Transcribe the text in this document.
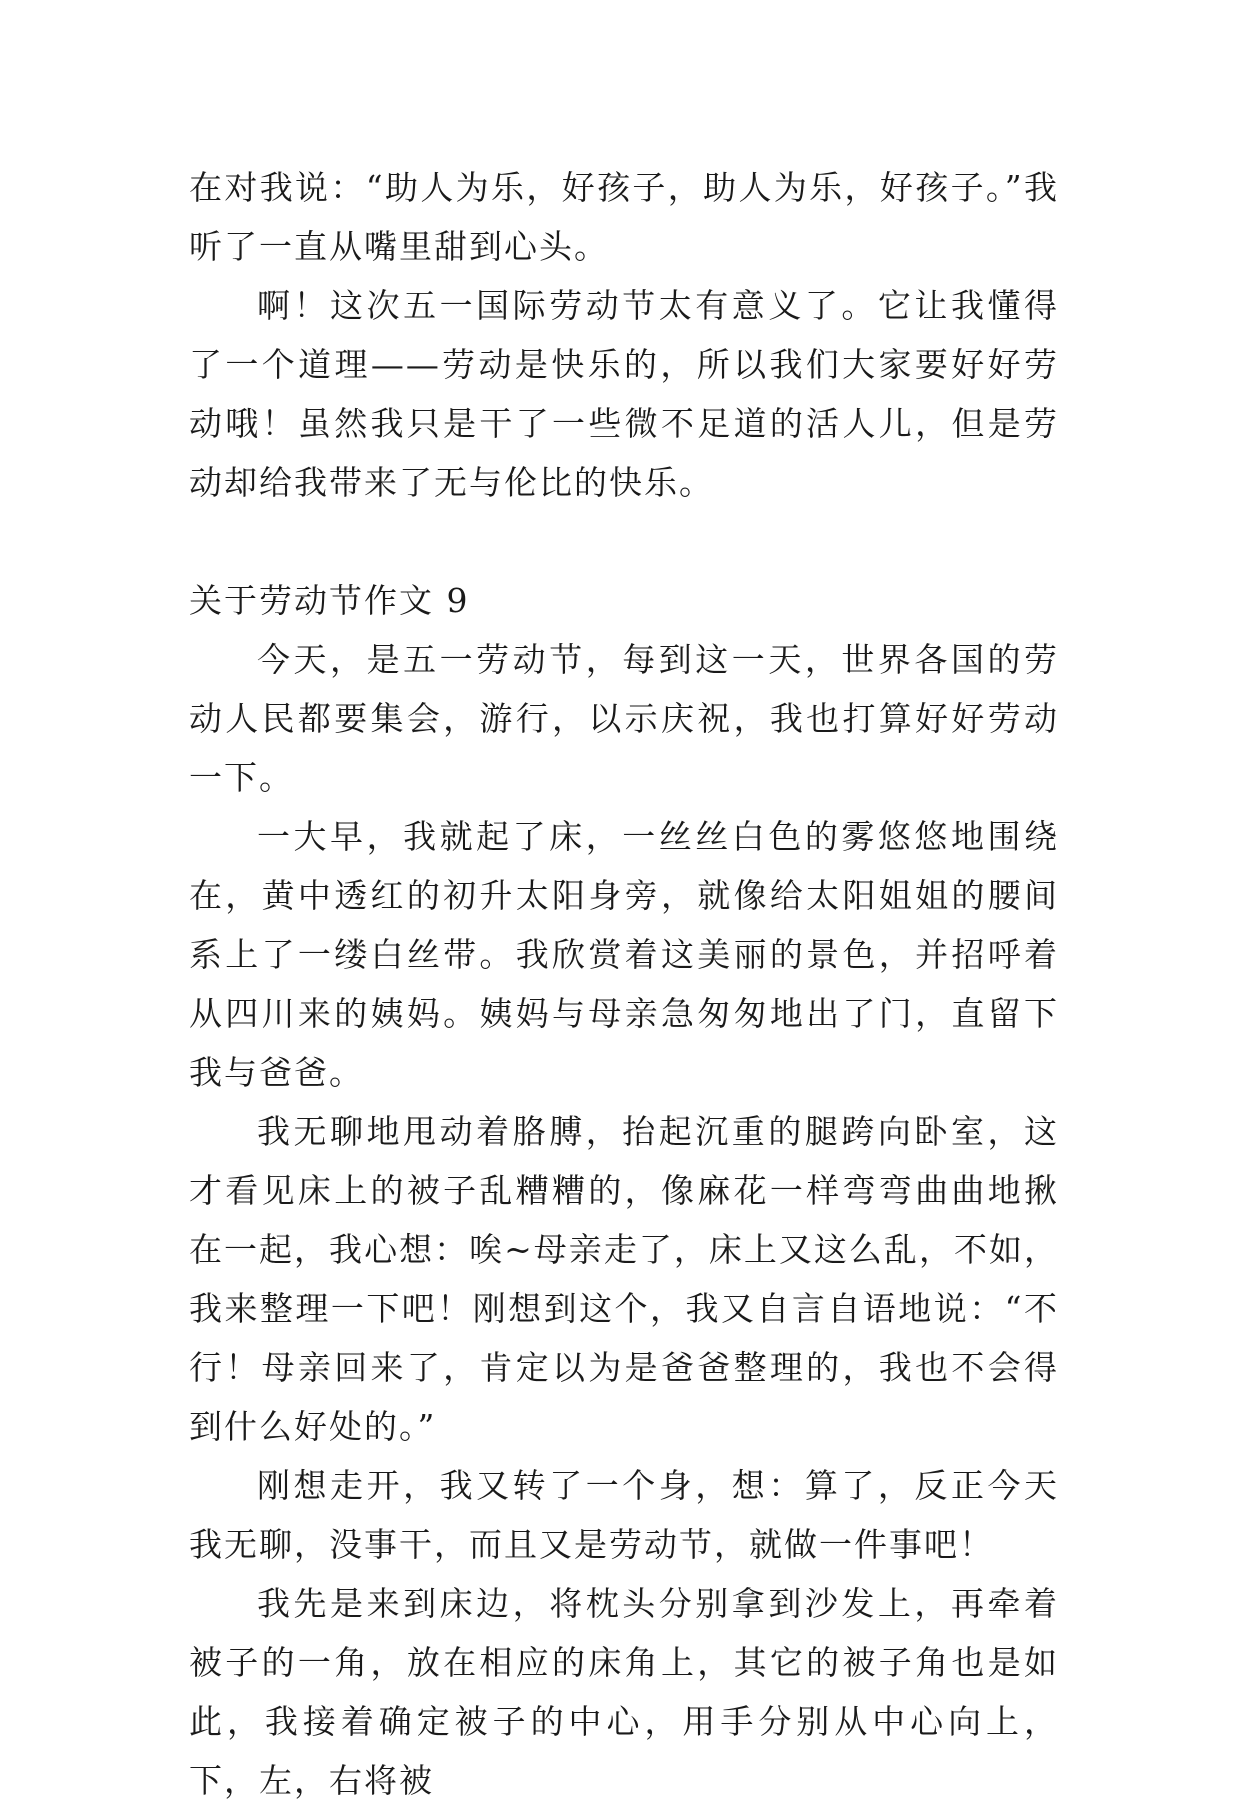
在对我说：“助人为乐，好孩子，助人为乐，好孩子。”我听了一直从嘴里甜到心头。

啊！这次五一国际劳动节太有意义了。它让我懂得了一个道理——劳动是快乐的，所以我们大家要好好劳动哦！虽然我只是干了一些微不足道的活人儿，但是劳动却给我带来了无与伦比的快乐。

关于劳动节作文 9

今天，是五一劳动节，每到这一天，世界各国的劳动人民都要集会，游行，以示庆祝，我也打算好好劳动一下。

一大早，我就起了床，一丝丝白色的雾悠悠地围绕在，黄中透红的初升太阳身旁，就像给太阳姐姐的腰间系上了一缕白丝带。我欣赏着这美丽的景色，并招呼着从四川来的姨妈。姨妈与母亲急匆匆地出了门，直留下我与爸爸。

我无聊地甩动着胳膊，抬起沉重的腿跨向卧室，这才看见床上的被子乱糟糟的，像麻花一样弯弯曲曲地揪在一起，我心想：唉~母亲走了，床上又这么乱，不如，我来整理一下吧！刚想到这个，我又自言自语地说：“不行！母亲回来了，肯定以为是爸爸整理的，我也不会得到什么好处的。”

刚想走开，我又转了一个身，想：算了，反正今天我无聊，没事干，而且又是劳动节，就做一件事吧！

我先是来到床边，将枕头分别拿到沙发上，再牵着被子的一角，放在相应的床角上，其它的被子角也是如此，我接着确定被子的中心，用手分别从中心向上，下，左，右将被
